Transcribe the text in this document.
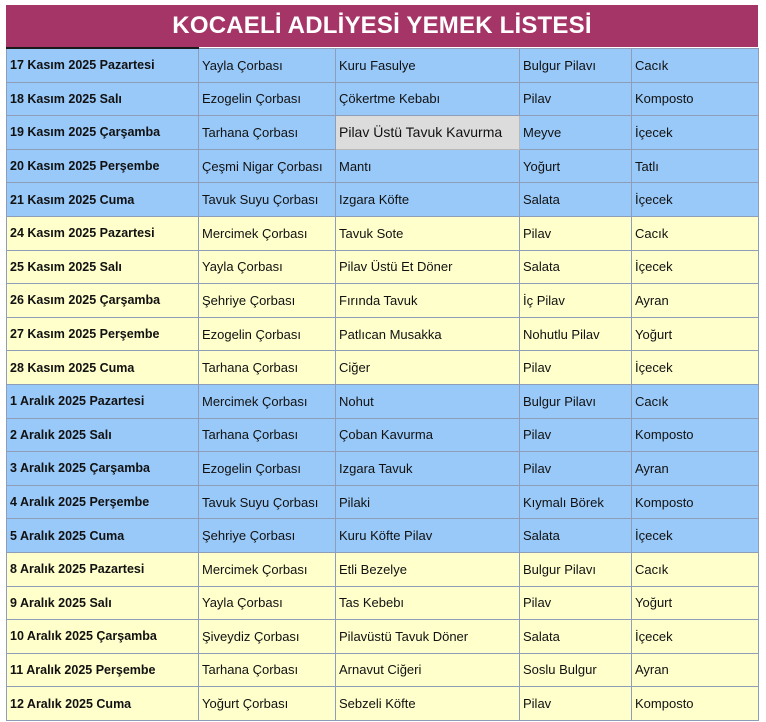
KOCAELİ ADLİYESİ YEMEK LİSTESİ
17 Kasım 2025 Pazartesi	Yayla Çorbası	Kuru Fasulye	Bulgur Pilavı	Cacık
18 Kasım 2025 Salı	Ezogelin Çorbası	Çökertme Kebabı	Pilav	Komposto
19 Kasım 2025 Çarşamba	Tarhana Çorbası	Pilav Üstü Tavuk Kavurma	Meyve	İçecek
20 Kasım 2025 Perşembe	Çeşmi Nigar Çorbası	Mantı	Yoğurt	Tatlı
21 Kasım 2025 Cuma	Tavuk Suyu Çorbası	Izgara Köfte	Salata	İçecek
24 Kasım 2025 Pazartesi	Mercimek Çorbası	Tavuk Sote	Pilav	Cacık
25 Kasım 2025 Salı	Yayla Çorbası	Pilav Üstü Et Döner	Salata	İçecek
26 Kasım 2025 Çarşamba	Şehriye Çorbası	Fırında Tavuk	İç Pilav	Ayran
27 Kasım 2025 Perşembe	Ezogelin Çorbası	Patlıcan Musakka	Nohutlu Pilav	Yoğurt
28 Kasım 2025 Cuma	Tarhana Çorbası	Ciğer	Pilav	İçecek
1 Aralık 2025 Pazartesi	Mercimek Çorbası	Nohut	Bulgur Pilavı	Cacık
2 Aralık 2025 Salı	Tarhana Çorbası	Çoban Kavurma	Pilav	Komposto
3 Aralık 2025 Çarşamba	Ezogelin Çorbası	Izgara Tavuk	Pilav	Ayran
4 Aralık 2025 Perşembe	Tavuk Suyu Çorbası	Pilaki	Kıymalı Börek	Komposto
5 Aralık 2025 Cuma	Şehriye Çorbası	Kuru Köfte Pilav	Salata	İçecek
8 Aralık 2025 Pazartesi	Mercimek Çorbası	Etli Bezelye	Bulgur Pilavı	Cacık
9 Aralık 2025 Salı	Yayla Çorbası	Tas Kebebı	Pilav	Yoğurt
10 Aralık 2025 Çarşamba	Şiveydiz Çorbası	Pilavüstü Tavuk Döner	Salata	İçecek
11 Aralık 2025 Perşembe	Tarhana Çorbası	Arnavut Ciğeri	Soslu Bulgur	Ayran
12 Aralık 2025 Cuma	Yoğurt Çorbası	Sebzeli Köfte	Pilav	Komposto
